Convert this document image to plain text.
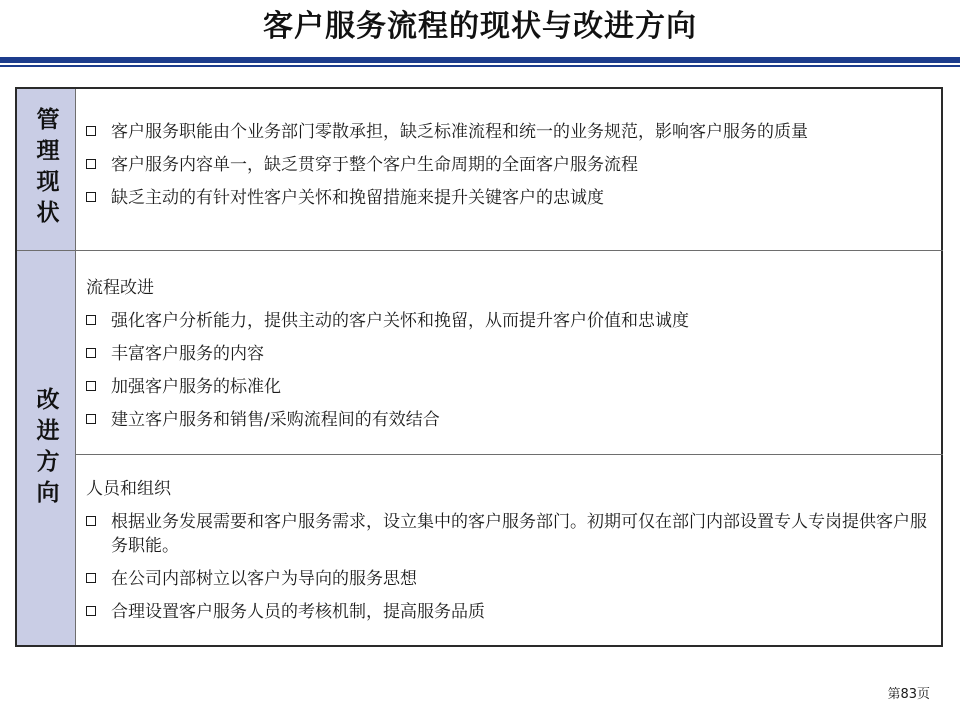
客户服务流程的现状与改进方向
管理现状
改进方向
客户服务职能由个业务部门零散承担，缺乏标准流程和统一的业务规范，影响客户服务的质量
客户服务内容单一，缺乏贯穿于整个客户生命周期的全面客户服务流程
缺乏主动的有针对性客户关怀和挽留措施来提升关键客户的忠诚度
流程改进
强化客户分析能力，提供主动的客户关怀和挽留，从而提升客户价值和忠诚度
丰富客户服务的内容
加强客户服务的标准化
建立客户服务和销售/采购流程间的有效结合
人员和组织
根据业务发展需要和客户服务需求，设立集中的客户服务部门。初期可仅在部门内部设置专人专岗提供客户服务职能。
在公司内部树立以客户为导向的服务思想
合理设置客户服务人员的考核机制，提高服务品质
第83页
